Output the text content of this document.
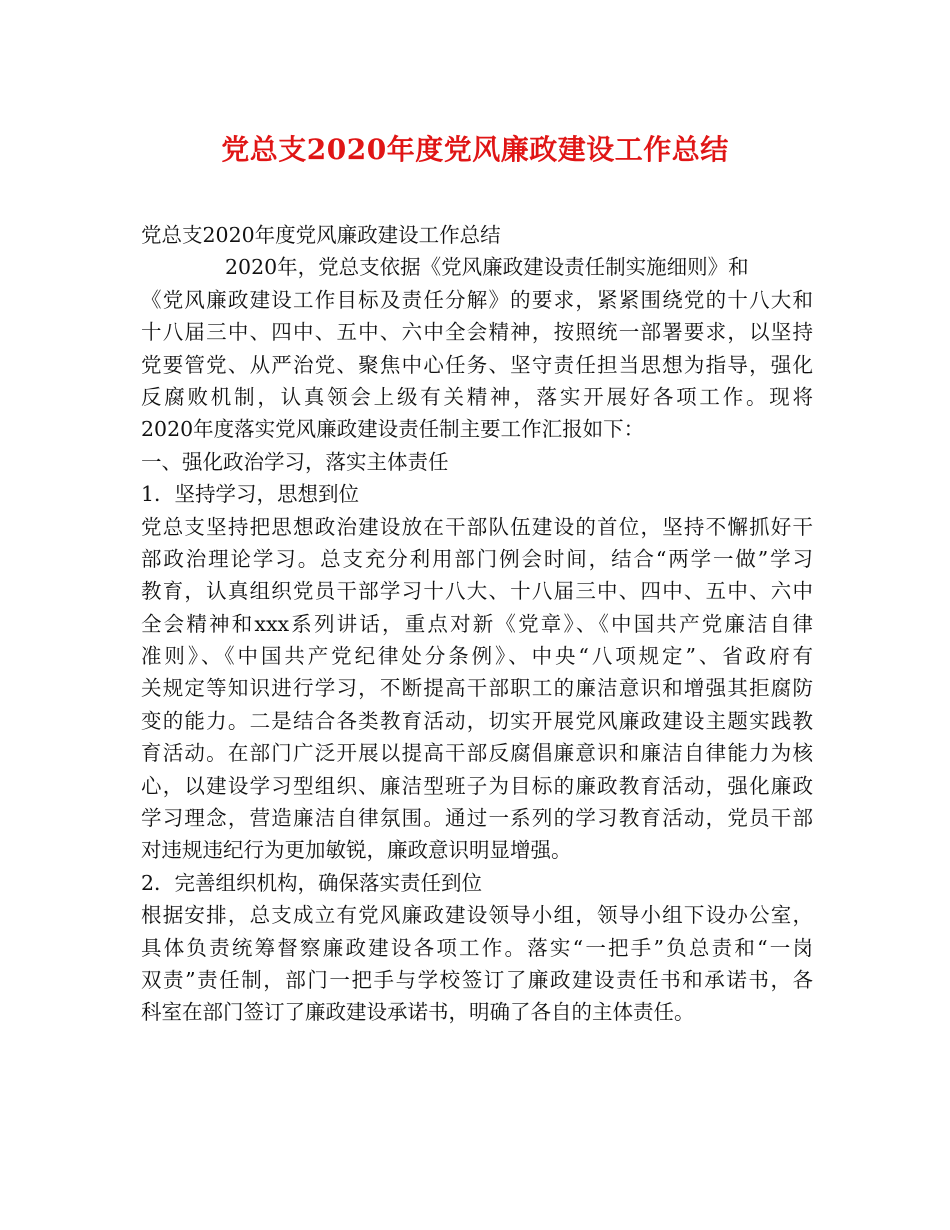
党总支2020年度党风廉政建设工作总结
党总支2020年度党风廉政建设工作总结
2020年，党总支依据《党风廉政建设责任制实施细则》和
《党风廉政建设工作目标及责任分解》的要求，紧紧围绕党的十八大和
十八届三中、四中、五中、六中全会精神，按照统一部署要求，以坚持
党要管党、从严治党、聚焦中心任务、坚守责任担当思想为指导，强化
反腐败机制，认真领会上级有关精神，落实开展好各项工作。现将
2020年度落实党风廉政建设责任制主要工作汇报如下：
一、强化政治学习，落实主体责任
1．坚持学习，思想到位
党总支坚持把思想政治建设放在干部队伍建设的首位，坚持不懈抓好干
部政治理论学习。总支充分利用部门例会时间，结合“两学一做”学习
教育，认真组织党员干部学习十八大、十八届三中、四中、五中、六中
全会精神和xxx系列讲话，重点对新《党章》、《中国共产党廉洁自律
准则》、《中国共产党纪律处分条例》、中央“八项规定”、省政府有
关规定等知识进行学习，不断提高干部职工的廉洁意识和增强其拒腐防
变的能力。二是结合各类教育活动，切实开展党风廉政建设主题实践教
育活动。在部门广泛开展以提高干部反腐倡廉意识和廉洁自律能力为核
心，以建设学习型组织、廉洁型班子为目标的廉政教育活动，强化廉政
学习理念，营造廉洁自律氛围。通过一系列的学习教育活动，党员干部
对违规违纪行为更加敏锐，廉政意识明显增强。
2．完善组织机构，确保落实责任到位
根据安排，总支成立有党风廉政建设领导小组，领导小组下设办公室，
具体负责统筹督察廉政建设各项工作。落实“一把手”负总责和“一岗
双责”责任制，部门一把手与学校签订了廉政建设责任书和承诺书，各
科室在部门签订了廉政建设承诺书，明确了各自的主体责任。
